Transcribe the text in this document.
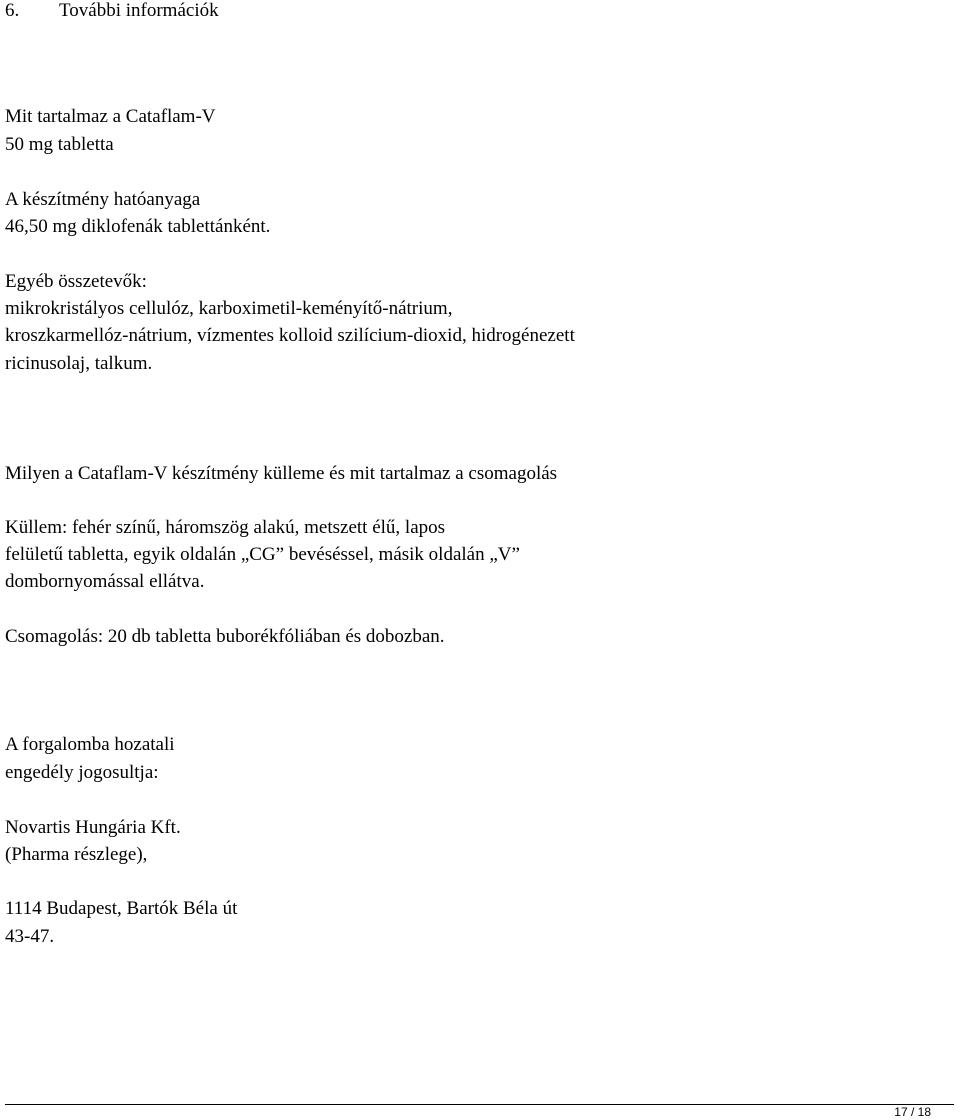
6. További információk
Mit tartalmaz a Cataflam-V
50 mg tabletta
A készítmény hatóanyaga
46,50 mg diklofenák tablettánként.
Egyéb összetevők:
mikrokristályos cellulóz, karboximetil-keményítő-nátrium,
kroszkarmellóz-nátrium, vízmentes kolloid szilícium-dioxid, hidrogénezett
ricinusolaj, talkum.
Milyen a Cataflam-V készítmény külleme és mit tartalmaz a csomagolás
Küllem: fehér színű, háromszög alakú, metszett élű, lapos
felületű tabletta, egyik oldalán „CG” bevéséssel, másik oldalán „V”
dombornyomással ellátva.
Csomagolás: 20 db tabletta buborékfóliában és dobozban.
A forgalomba hozatali
engedély jogosultja:
Novartis Hungária Kft.
(Pharma részlege),
1114 Budapest, Bartók Béla út
43-47.
17 / 18
